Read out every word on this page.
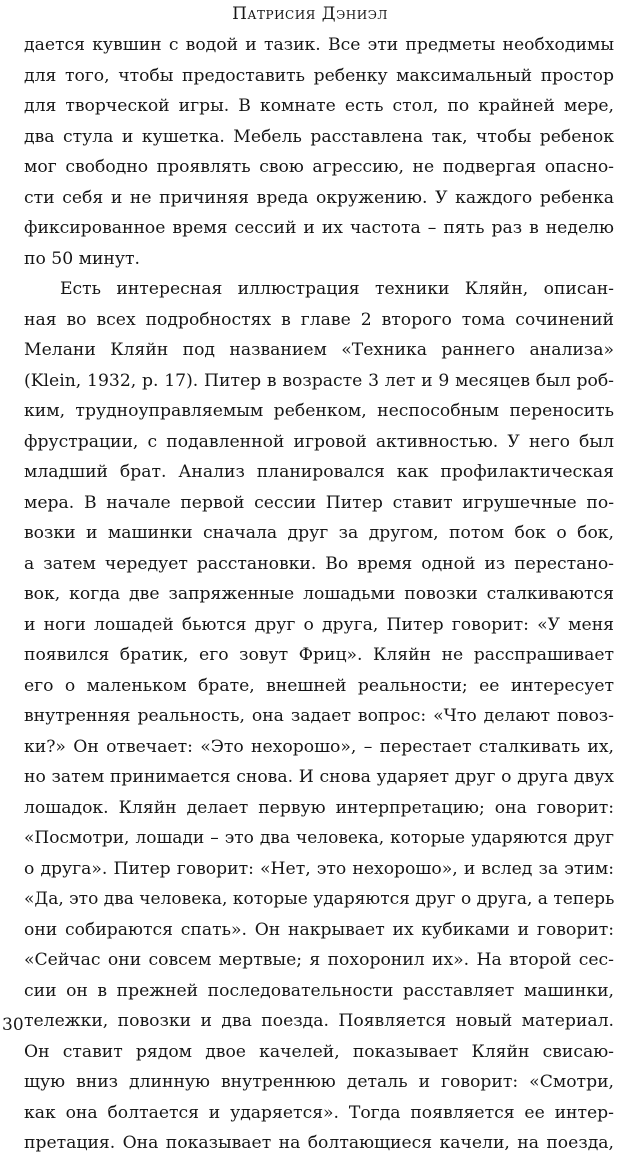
Патрисия Дэниэл
дается кувшин с водой и тазик. Все эти предметы необходимы
для того, чтобы предоставить ребенку максимальный простор
для творческой игры. В комнате есть стол, по крайней мере,
два стула и кушетка. Мебель расставлена так, чтобы ребенок
мог свободно проявлять свою агрессию, не подвергая опасно-
сти себя и не причиняя вреда окружению. У каждого ребенка
фиксированное время сессий и их частота – пять раз в неделю
по 50 минут.
Есть интересная иллюстрация техники Кляйн, описан-
ная во всех подробностях в главе 2 второго тома сочинений
Мелани Кляйн под названием «Техника раннего анализа»
(Klein, 1932, p. 17). Питер в возрасте 3 лет и 9 месяцев был роб-
ким, трудноуправляемым ребенком, неспособным переносить
фрустрации, с подавленной игровой активностью. У него был
младший брат. Анализ планировался как профилактическая
мера. В начале первой сессии Питер ставит игрушечные по-
возки и машинки сначала друг за другом, потом бок о бок,
а затем чередует расстановки. Во время одной из перестано-
вок, когда две запряженные лошадьми повозки сталкиваются
и ноги лошадей бьются друг о друга, Питер говорит: «У меня
появился братик, его зовут Фриц». Кляйн не расспрашивает
его о маленьком брате, внешней реальности; ее интересует
внутренняя реальность, она задает вопрос: «Что делают повоз-
ки?» Он отвечает: «Это нехорошо», – перестает сталкивать их,
но затем принимается снова. И снова ударяет друг о друга двух
лошадок. Кляйн делает первую интерпретацию; она говорит:
«Посмотри, лошади – это два человека, которые ударяются друг
о друга». Питер говорит: «Нет, это нехорошо», и вслед за этим:
«Да, это два человека, которые ударяются друг о друга, а теперь
они собираются спать». Он накрывает их кубиками и говорит:
«Сейчас они совсем мертвые; я похоронил их». На второй сес-
сии он в прежней последовательности расставляет машинки,
тележки, повозки и два поезда. Появляется новый материал.
Он ставит рядом двое качелей, показывает Кляйн свисаю-
щую вниз длинную внутреннюю деталь и говорит: «Смотри,
как она болтается и ударяется». Тогда появляется ее интер-
претация. Она показывает на болтающиеся качели, на поезда,
30
